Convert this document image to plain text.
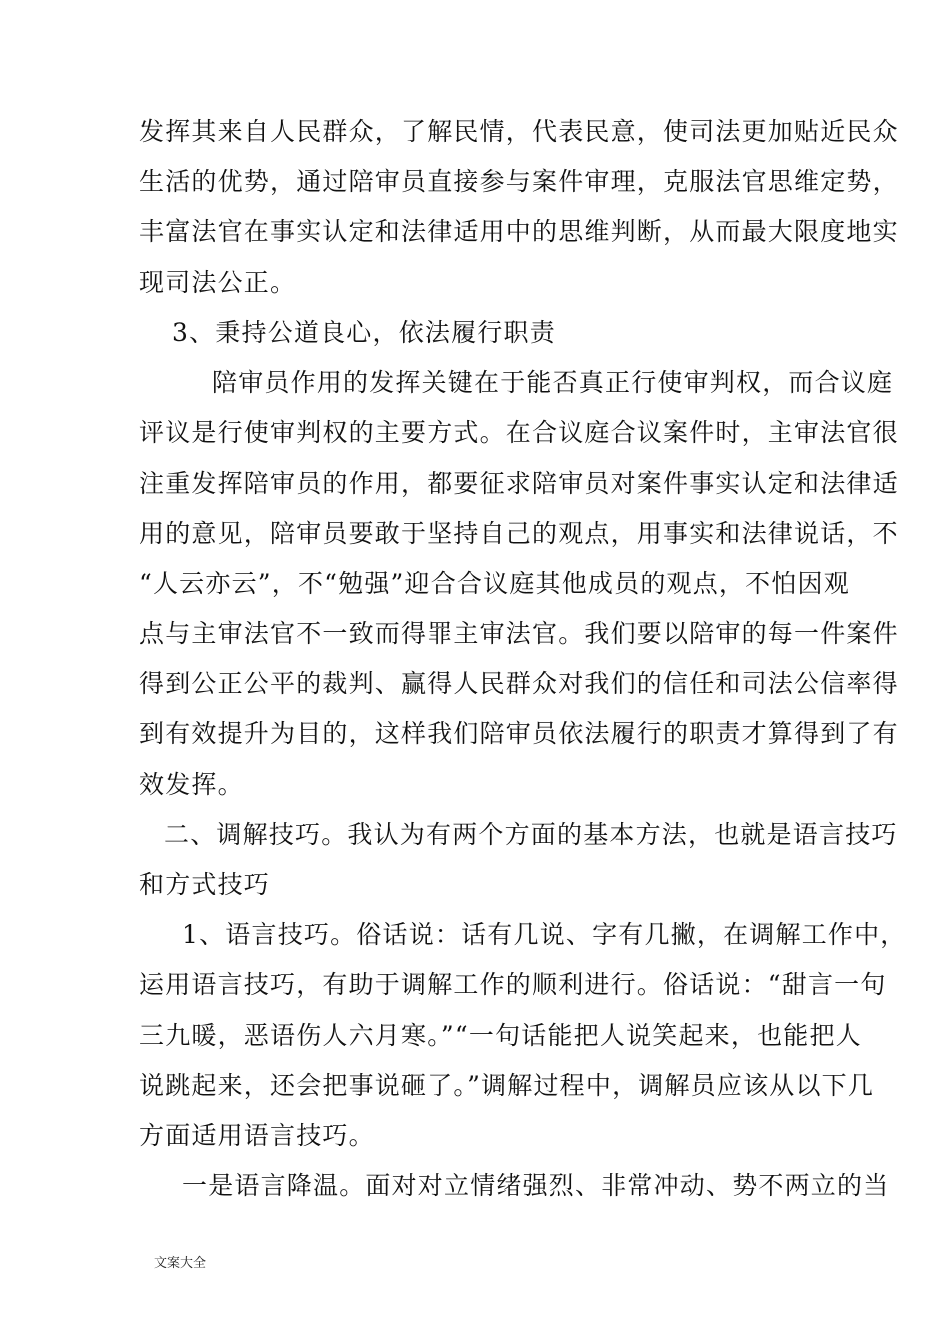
发挥其来自人民群众，了解民情，代表民意，使司法更加贴近民众
生活的优势，通过陪审员直接参与案件审理，克服法官思维定势，
丰富法官在事实认定和法律适用中的思维判断，从而最大限度地实
现司法公正。
3、秉持公道良心，依法履行职责
陪审员作用的发挥关键在于能否真正行使审判权，而合议庭
评议是行使审判权的主要方式。在合议庭合议案件时，主审法官很
注重发挥陪审员的作用，都要征求陪审员对案件事实认定和法律适
用的意见，陪审员要敢于坚持自己的观点，用事实和法律说话，不
“人云亦云”，不“勉强”迎合合议庭其他成员的观点，不怕因观
点与主审法官不一致而得罪主审法官。我们要以陪审的每一件案件
得到公正公平的裁判、赢得人民群众对我们的信任和司法公信率得
到有效提升为目的，这样我们陪审员依法履行的职责才算得到了有
效发挥。
二、调解技巧。我认为有两个方面的基本方法，也就是语言技巧
和方式技巧
1、语言技巧。俗话说：话有几说、字有几撇，在调解工作中，
运用语言技巧，有助于调解工作的顺利进行。俗话说：“甜言一句
三九暖，恶语伤人六月寒。”“一句话能把人说笑起来，也能把人
说跳起来，还会把事说砸了。”调解过程中，调解员应该从以下几
方面适用语言技巧。
一是语言降温。面对对立情绪强烈、非常冲动、势不两立的当
文案大全
